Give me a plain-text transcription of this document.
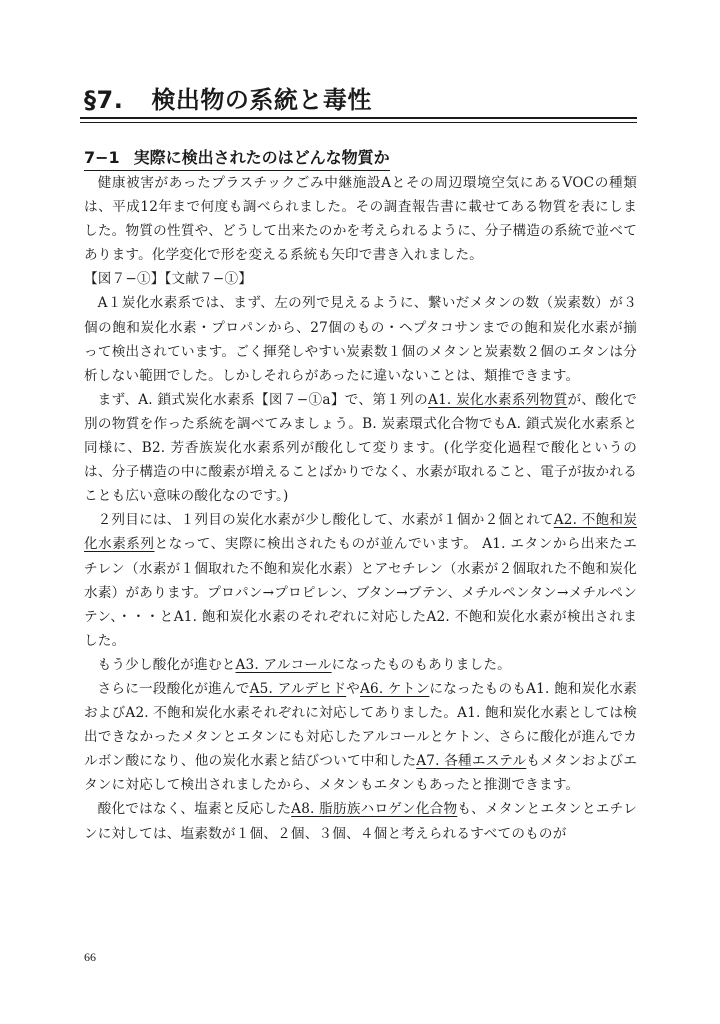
§7. 検出物の系統と毒性
7−1 実際に検出されたのはどんな物質か

健康被害があったプラスチックごみ中継施設Aとその周辺環境空気にあるVOCの種類は、平成12年まで何度も調べられました。その調査報告書に載せてある物質を表にしました。物質の性質や、どうして出来たのかを考えられるように、分子構造の系統で並べてあります。化学変化で形を変える系統も矢印で書き入れました。

【図７−①】【文献７−①】

A１炭化水素系では、まず、左の列で見えるように、繋いだメタンの数（炭素数）が３個の飽和炭化水素・プロパンから、27個のもの・ヘプタコサンまでの飽和炭化水素が揃って検出されています。ごく揮発しやすい炭素数１個のメタンと炭素数２個のエタンは分析しない範囲でした。しかしそれらがあったに違いないことは、類推できます。

まず、A. 鎖式炭化水素系【図７−①a】で、第１列のA1. 炭化水素系列物質が、酸化で別の物質を作った系統を調べてみましょう。B. 炭素環式化合物でもA. 鎖式炭化水素系と同様に、B2. 芳香族炭化水素系列が酸化して変ります。(化学変化過程で酸化というのは、分子構造の中に酸素が増えることばかりでなく、水素が取れること、電子が抜かれることも広い意味の酸化なのです。)

２列目には、１列目の炭化水素が少し酸化して、水素が１個か２個とれてA2. 不飽和炭化水素系列となって、実際に検出されたものが並んでいます。 A1. エタンから出来たエチレン（水素が１個取れた不飽和炭化水素）とアセチレン（水素が２個取れた不飽和炭化水素）があります。プロパン→プロピレン、ブタン→ブテン、メチルペンタン→メチルペンテン、・・・とA1. 飽和炭化水素のそれぞれに対応したA2. 不飽和炭化水素が検出されました。

もう少し酸化が進むとA3. アルコールになったものもありました。

さらに一段酸化が進んでA5. アルデヒドやA6. ケトンになったものもA1. 飽和炭化水素およびA2. 不飽和炭化水素それぞれに対応してありました。A1. 飽和炭化水素としては検出できなかったメタンとエタンにも対応したアルコールとケトン、さらに酸化が進んでカルボン酸になり、他の炭化水素と結びついて中和したA7. 各種エステルもメタンおよびエタンに対応して検出されましたから、メタンもエタンもあったと推測できます。

酸化ではなく、塩素と反応したA8. 脂肪族ハロゲン化合物も、メタンとエタンとエチレンに対しては、塩素数が１個、２個、３個、４個と考えられるすべてのものが

66
